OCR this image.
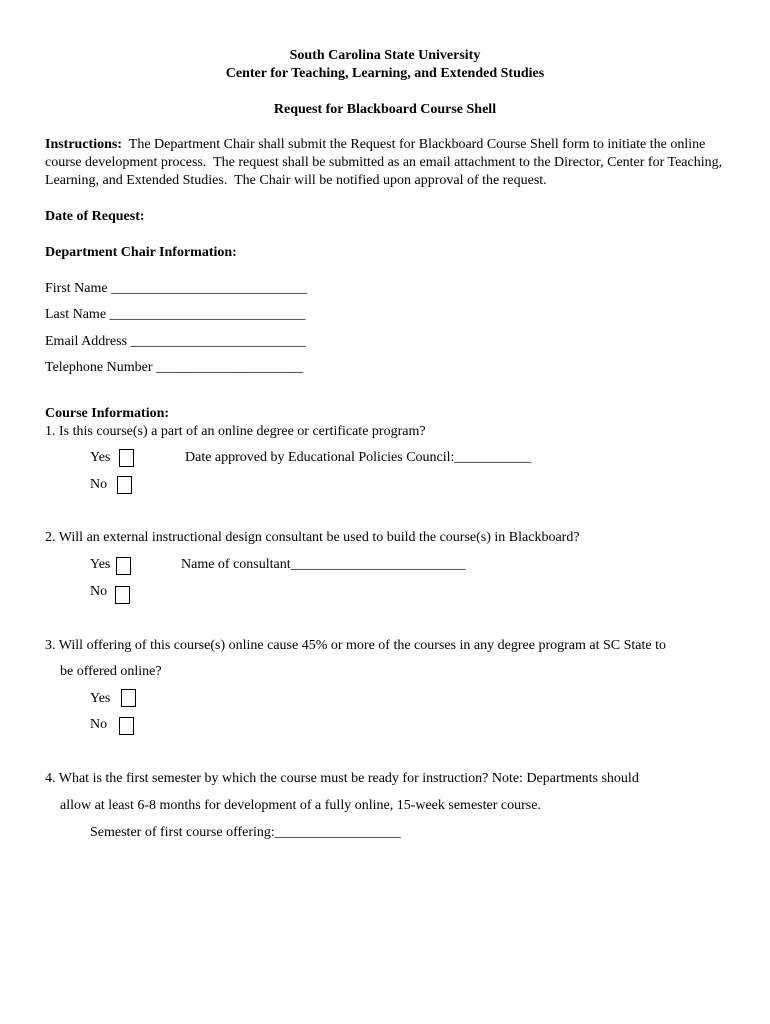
South Carolina State University
Center for Teaching, Learning, and Extended Studies
Request for Blackboard Course Shell
Instructions:  The Department Chair shall submit the Request for Blackboard Course Shell form to initiate the online course development process.  The request shall be submitted as an email attachment to the Director, Center for Teaching, Learning, and Extended Studies.  The Chair will be notified upon approval of the request.
Date of Request:
Department Chair Information:
First Name ____________________________
Last Name ____________________________
Email Address _________________________
Telephone Number _____________________
Course Information:
1. Is this course(s) a part of an online degree or certificate program?
Yes	Date approved by Educational Policies Council:___________
No
2. Will an external instructional design consultant be used to build the course(s) in Blackboard?
Yes	Name of consultant_________________________
No
3. Will offering of this course(s) online cause 45% or more of the courses in any degree program at SC State to
be offered online?
Yes
No
4. What is the first semester by which the course must be ready for instruction? Note: Departments should
allow at least 6-8 months for development of a fully online, 15-week semester course.
Semester of first course offering:__________________
